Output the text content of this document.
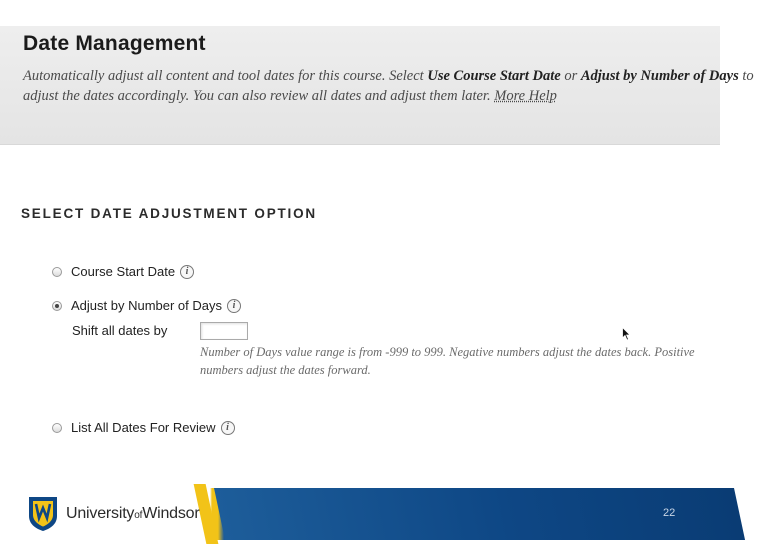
Date Management
Automatically adjust all content and tool dates for this course. Select Use Course Start Date or Adjust by Number of Days to adjust the dates accordingly. You can also review all dates and adjust them later. More Help
SELECT DATE ADJUSTMENT OPTION
Course Start Date	i
Adjust by Number of Days	i
Shift all dates by
Number of Days value range is from -999 to 999. Negative numbers adjust the dates back. Positive numbers adjust the dates forward.
List All Dates For Review	i
UniversityofWindsor	22
